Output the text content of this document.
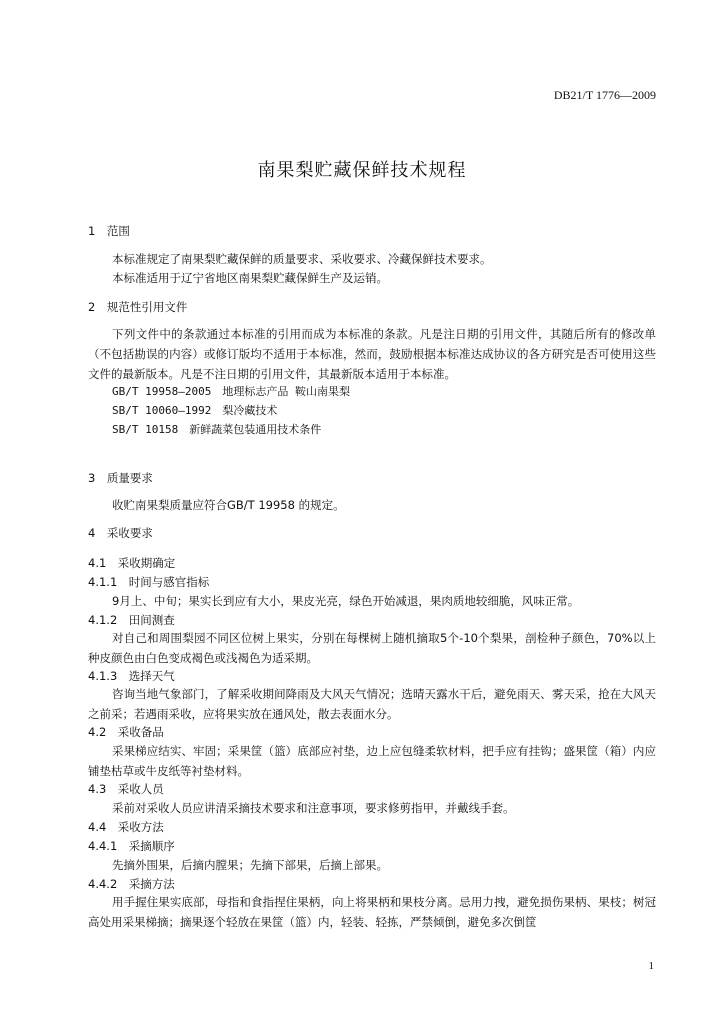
DB21/T 1776—2009
南果梨贮藏保鲜技术规程
1　范围
本标准规定了南果梨贮藏保鲜的质量要求、采收要求、冷藏保鲜技术要求。
本标准适用于辽宁省地区南果梨贮藏保鲜生产及运销。
2　规范性引用文件
下列文件中的条款通过本标准的引用而成为本标准的条款。凡是注日期的引用文件，其随后所有的修改单（不包括勘误的内容）或修订版均不适用于本标准，然而，鼓励根据本标准达成协议的各方研究是否可使用这些文件的最新版本。凡是不注日期的引用文件，其最新版本适用于本标准。
GB/T 19958—2005　地理标志产品 鞍山南果梨
SB/T 10060—1992　梨冷藏技术
SB/T 10158　新鲜蔬菜包装通用技术条件
3　质量要求
收贮南果梨质量应符合GB/T 19958 的规定。
4　采收要求
4.1　采收期确定
4.1.1　时间与感官指标
9月上、中旬；果实长到应有大小，果皮光亮，绿色开始减退，果肉质地较细脆，风味正常。
4.1.2　田间测查
对自己和周围梨园不同区位树上果实，分别在每棵树上随机摘取5个-10个梨果，剖检种子颜色，70%以上种皮颜色由白色变成褐色或浅褐色为适采期。
4.1.3　选择天气
咨询当地气象部门，了解采收期间降雨及大风天气情况；选晴天露水干后，避免雨天、雾天采，抢在大风天之前采；若遇雨采收，应将果实放在通风处，散去表面水分。
4.2　采收备品
采果梯应结实、牢固；采果筐（篮）底部应衬垫，边上应包缝柔软材料，把手应有挂钩；盛果筐（箱）内应铺垫枯草或牛皮纸等衬垫材料。
4.3　采收人员
采前对采收人员应讲清采摘技术要求和注意事项，要求修剪指甲，并戴线手套。
4.4　采收方法
4.4.1　采摘顺序
先摘外围果，后摘内膛果；先摘下部果，后摘上部果。
4.4.2　采摘方法
用手握住果实底部，母指和食指捏住果柄，向上将果柄和果枝分离。忌用力拽，避免损伤果柄、果枝；树冠高处用采果梯摘；摘果逐个轻放在果筐（篮）内，轻装、轻拣，严禁倾倒，避免多次倒筐
1
